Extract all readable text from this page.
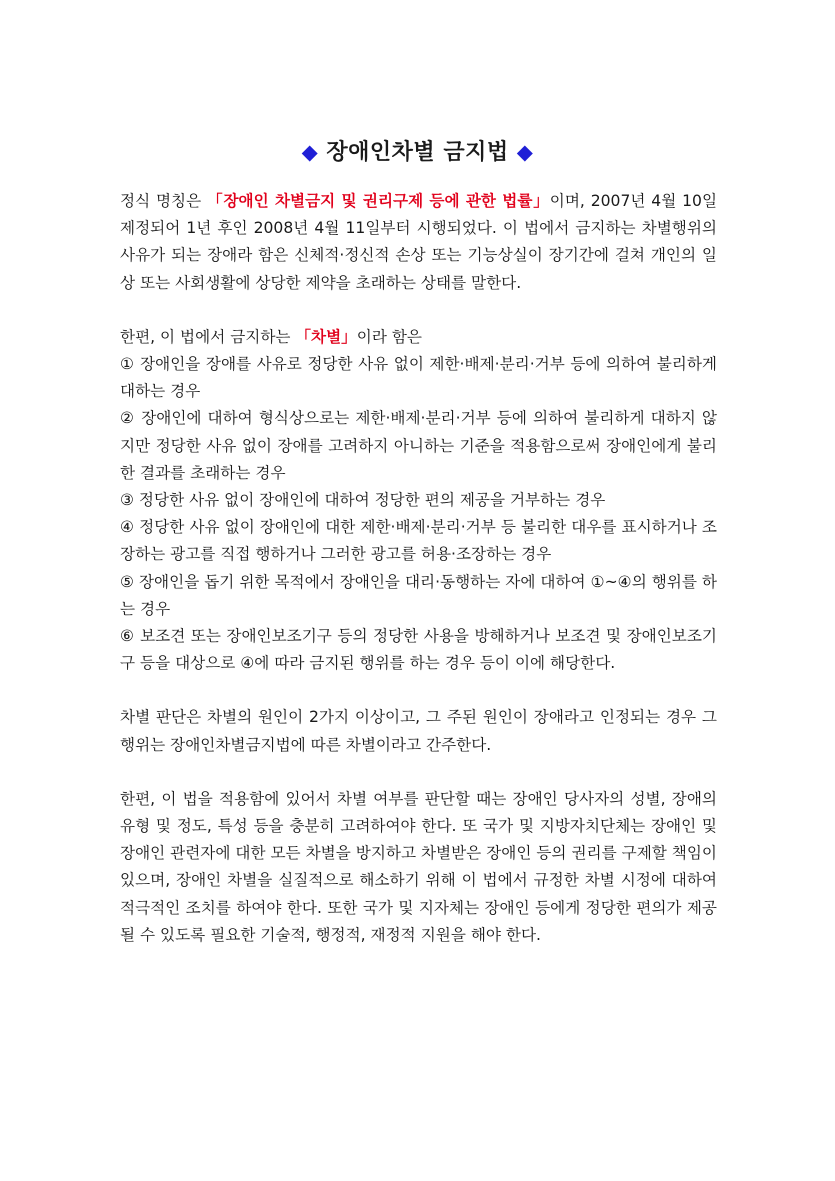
◆ 장애인차별 금지법 ◆

정식 명칭은 「장애인 차별금지 및 권리구제 등에 관한 법률」이며, 2007년 4월 10일 제정되어 1년 후인 2008년 4월 11일부터 시행되었다. 이 법에서 금지하는 차별행위의 사유가 되는 장애라 함은 신체적·정신적 손상 또는 기능상실이 장기간에 걸쳐 개인의 일상 또는 사회생활에 상당한 제약을 초래하는 상태를 말한다.

한편, 이 법에서 금지하는 「차별」이라 함은

① 장애인을 장애를 사유로 정당한 사유 없이 제한·배제·분리·거부 등에 의하여 불리하게 대하는 경우

② 장애인에 대하여 형식상으로는 제한·배제·분리·거부 등에 의하여 불리하게 대하지 않지만 정당한 사유 없이 장애를 고려하지 아니하는 기준을 적용함으로써 장애인에게 불리한 결과를 초래하는 경우

③ 정당한 사유 없이 장애인에 대하여 정당한 편의 제공을 거부하는 경우

④ 정당한 사유 없이 장애인에 대한 제한·배제·분리·거부 등 불리한 대우를 표시하거나 조장하는 광고를 직접 행하거나 그러한 광고를 허용·조장하는 경우

⑤ 장애인을 돕기 위한 목적에서 장애인을 대리·동행하는 자에 대하여 ①~④의 행위를 하는 경우

⑥ 보조견 또는 장애인보조기구 등의 정당한 사용을 방해하거나 보조견 및 장애인보조기구 등을 대상으로 ④에 따라 금지된 행위를 하는 경우 등이 이에 해당한다.

차별 판단은 차별의 원인이 2가지 이상이고, 그 주된 원인이 장애라고 인정되는 경우 그 행위는 장애인차별금지법에 따른 차별이라고 간주한다.

한편, 이 법을 적용함에 있어서 차별 여부를 판단할 때는 장애인 당사자의 성별, 장애의 유형 및 정도, 특성 등을 충분히 고려하여야 한다. 또 국가 및 지방자치단체는 장애인 및 장애인 관련자에 대한 모든 차별을 방지하고 차별받은 장애인 등의 권리를 구제할 책임이 있으며, 장애인 차별을 실질적으로 해소하기 위해 이 법에서 규정한 차별 시정에 대하여 적극적인 조치를 하여야 한다. 또한 국가 및 지자체는 장애인 등에게 정당한 편의가 제공될 수 있도록 필요한 기술적, 행정적, 재정적 지원을 해야 한다.
